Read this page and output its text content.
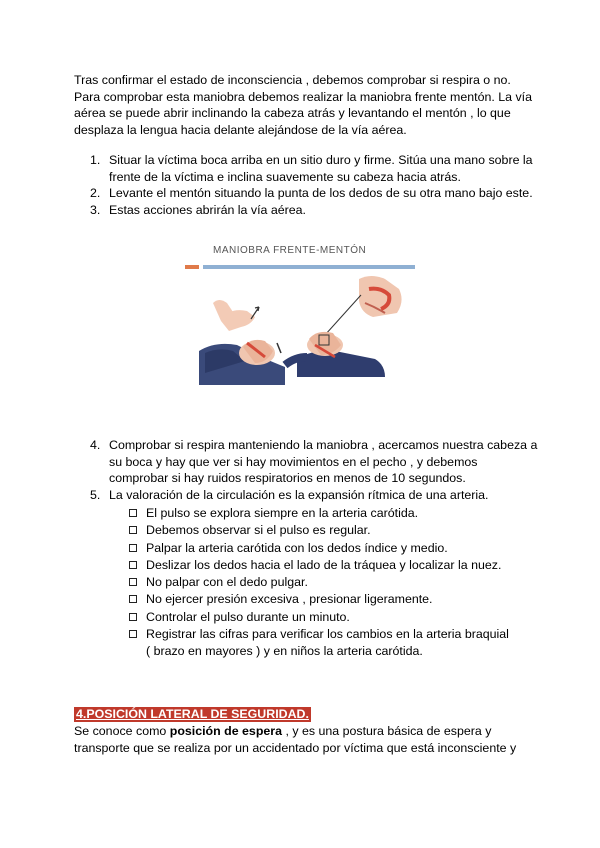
Tras confirmar el estado de inconsciencia , debemos comprobar si respira o no.
Para comprobar esta maniobra debemos realizar la maniobra frente mentón. La vía
aérea se puede abrir inclinando la cabeza atrás y levantando el mentón , lo que
desplaza la lengua hacia delante alejándose de la vía aérea.

1. Situar la víctima boca arriba en un sitio duro y firme. Sitúa una mano sobre la
frente de la víctima e inclina suavemente su cabeza hacia atrás.
2. Levante el mentón situando la punta de los dedos de su otra mano bajo este.
3. Estas acciones abrirán la vía aérea.
MANIOBRA FRENTE-MENTÓN
4. Comprobar si respira manteniendo la maniobra , acercamos nuestra cabeza a
su boca y hay que ver si hay movimientos en el pecho , y debemos
comprobar si hay ruidos respiratorios en menos de 10 segundos.
5. La valoración de la circulación es la expansión rítmica de una arteria.
El pulso se explora siempre en la arteria carótida.
Debemos observar si el pulso es regular.
Palpar la arteria carótida con los dedos índice y medio.
Deslizar los dedos hacia el lado de la tráquea y localizar la nuez.
No palpar con el dedo pulgar.
No ejercer presión excesiva , presionar ligeramente.
Controlar el pulso durante un minuto.
Registrar las cifras para verificar los cambios en la arteria braquial
( brazo en mayores ) y en niños la arteria carótida.
4.POSICIÓN LATERAL DE SEGURIDAD.

Se conoce como posición de espera , y es una postura básica de espera y
transporte que se realiza por un accidentado por víctima que está inconsciente y
